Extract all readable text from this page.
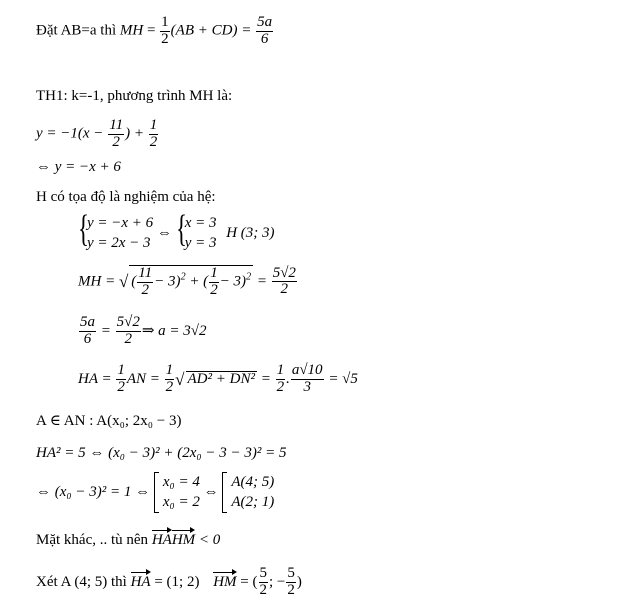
Đặt AB=a thì MH = $\frac{1}{2} (AB + CD) = \frac{5a}{6}$
TH1: k=-1, phương trình MH là:
$y = -1(x - \frac{11}{2}$ ) + $\frac{1}{2}$
⇔ y = −x + 6
H có tọa độ là nghiệm của hệ:
{
y = −x + 6
y = 2x − 3
⇔ {
x = 3
y = 3
H (3; 3)
MH = √ ( $\frac{11}{2} - 3)^2$ + ( $\frac{1}{2} - 3)^2 = \frac{5√2}{2}$
$\frac{5a}{6} = \frac{5√2}{2}$ ⇒ a = 3√2
HA = $\frac{1}{2}$ AN = $\frac{1}{2}$ √ $AD^2 + DN^2 = \frac{1}{2}$ . $\frac{a√10}{3} = √5$
A ∈ AN : A(x₀; 2x₀ − 3)
HA² = 5 ⇔ (x₀ − 3)² + (2x₀ − 3 − 3)² = 5
⇔ (x₀ − 3)² = 1 ⇔
x₀ = 4
x₀ = 2
⇔
A(4; 5)
A(2; 1)
Mặt khác, .. tù nên HAHM < 0
Xét A (4; 5) thì HA = (1; 2) HM = ( $\frac{5}{2}$ ; − $\frac{5}{2}$ )
